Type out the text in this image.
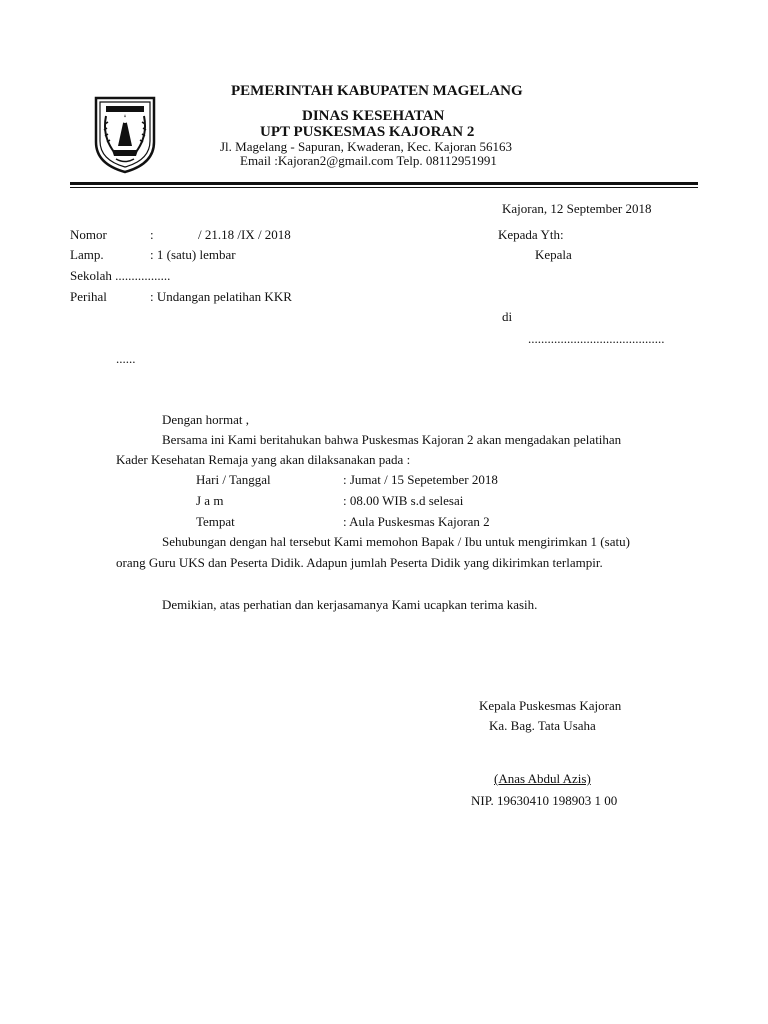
PEMERINTAH KABUPATEN MAGELANG
DINAS KESEHATAN
UPT PUSKESMAS KAJORAN 2
Jl. Magelang - Sapuran, Kwaderan, Kec. Kajoran 56163
Email :Kajoran2@gmail.com Telp. 08112951991
Kajoran, 12 September 2018
Nomor	:	/ 21.18 /IX / 2018
Lamp.	: 1 (satu) lembar
Sekolah .................
Perihal	: Undangan pelatihan KKR
Kepada Yth:
Kepala
di
..........................................
......
Dengan hormat ,
Bersama ini Kami beritahukan bahwa Puskesmas Kajoran 2 akan mengadakan pelatihan
Kader Kesehatan Remaja yang akan dilaksanakan pada :
Hari / Tanggal	: Jumat / 15 Sepetember 2018
J a m	: 08.00 WIB s.d selesai
Tempat	: Aula Puskesmas Kajoran 2
Sehubungan dengan hal tersebut Kami memohon Bapak / Ibu untuk mengirimkan 1 (satu)
orang Guru UKS dan Peserta Didik. Adapun jumlah Peserta Didik yang dikirimkan terlampir.
Demikian, atas perhatian dan kerjasamanya Kami ucapkan terima kasih.
Kepala Puskesmas Kajoran
Ka. Bag. Tata Usaha
(Anas Abdul Azis)
NIP. 19630410 198903 1 00
